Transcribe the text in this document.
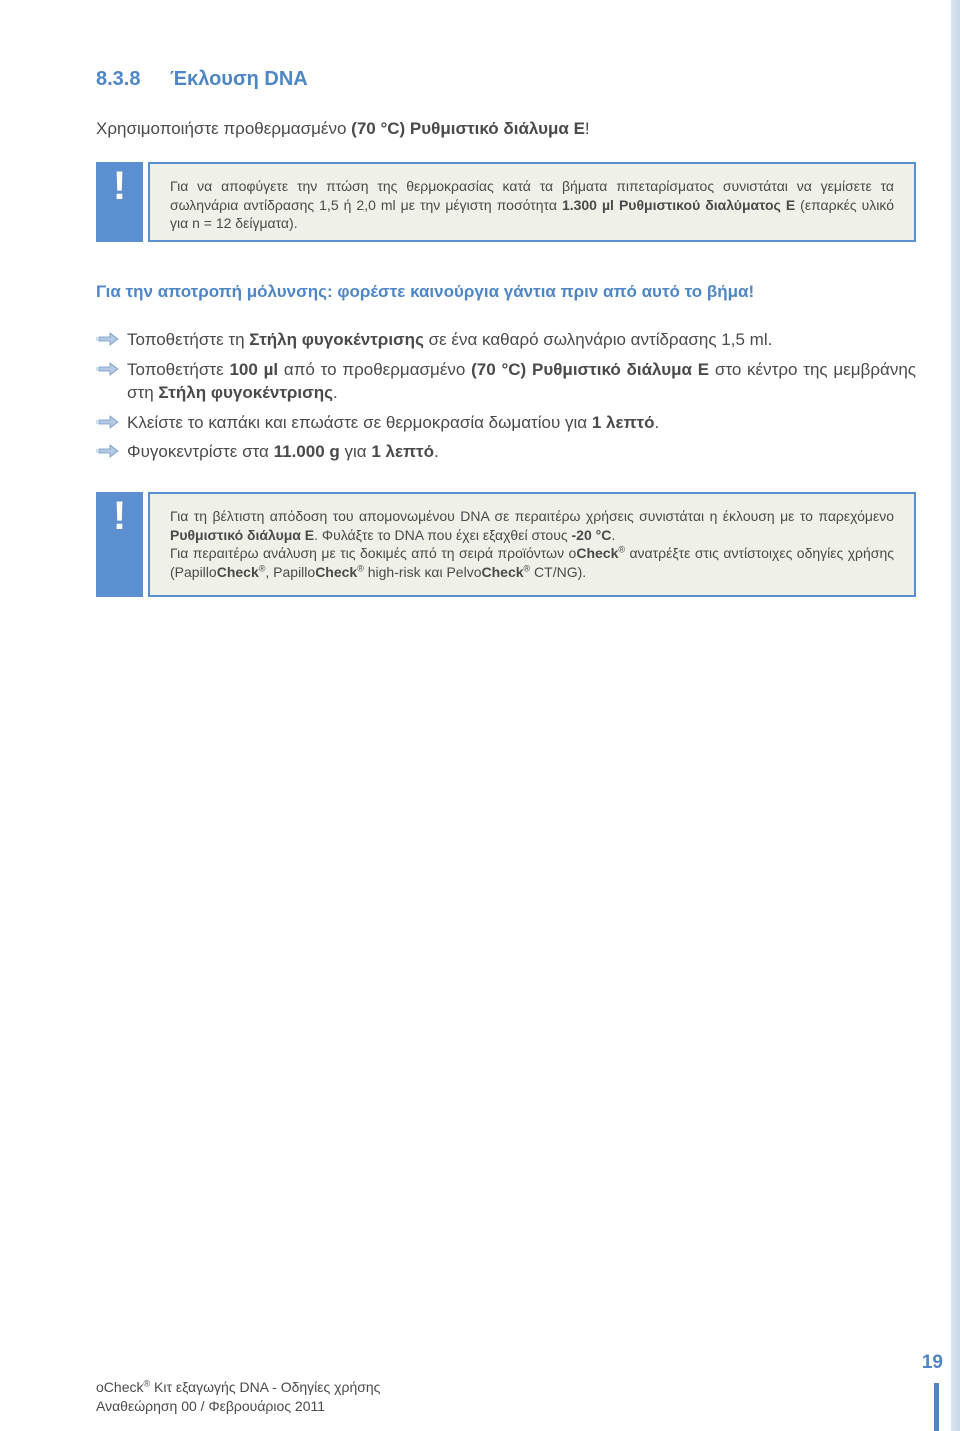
8.3.8 Έκλουση DNA

Χρησιμοποιήστε προθερμασμένο (70 °C) Ρυθμιστικό διάλυμα E!

!	Για να αποφύγετε την πτώση της θερμοκρασίας κατά τα βήματα πιπεταρίσματος συνιστάται να γεμίσετε τα σωληνάρια αντίδρασης 1,5 ή 2,0 ml με την μέγιστη ποσότητα 1.300 µl Ρυθμιστικού διαλύματος E (επαρκές υλικό για n = 12 δείγματα).

Για την αποτροπή μόλυνσης: φορέστε καινούργια γάντια πριν από αυτό το βήμα!

Τοποθετήστε τη Στήλη φυγοκέντρισης σε ένα καθαρό σωληνάριο αντίδρασης 1,5 ml.
Τοποθετήστε 100 µl από το προθερμασμένο (70 °C) Ρυθμιστικό διάλυμα E στο κέντρο της μεμβράνης στη Στήλη φυγοκέντρισης.
Κλείστε το καπάκι και επωάστε σε θερμοκρασία δωματίου για 1 λεπτό.
Φυγοκεντρίστε στα 11.000 g για 1 λεπτό.
!	Για τη βέλτιστη απόδοση του απομονωμένου DNA σε περαιτέρω χρήσεις συνιστάται η έκλουση με το παρεχόμενο Ρυθμιστικό διάλυμα E. Φυλάξτε το DNA που έχει εξαχθεί στους -20 °C.

Για περαιτέρω ανάλυση με τις δοκιμές από τη σειρά προϊόντων oCheck® ανατρέξτε στις αντίστοιχες οδηγίες χρήσης (PapilloCheck®, PapilloCheck® high-risk και PelvoCheck® CT/NG).

oCheck® Κιτ εξαγωγής DNA - Οδηγίες χρήσης
Αναθεώρηση 00 / Φεβρουάριος 2011
19
